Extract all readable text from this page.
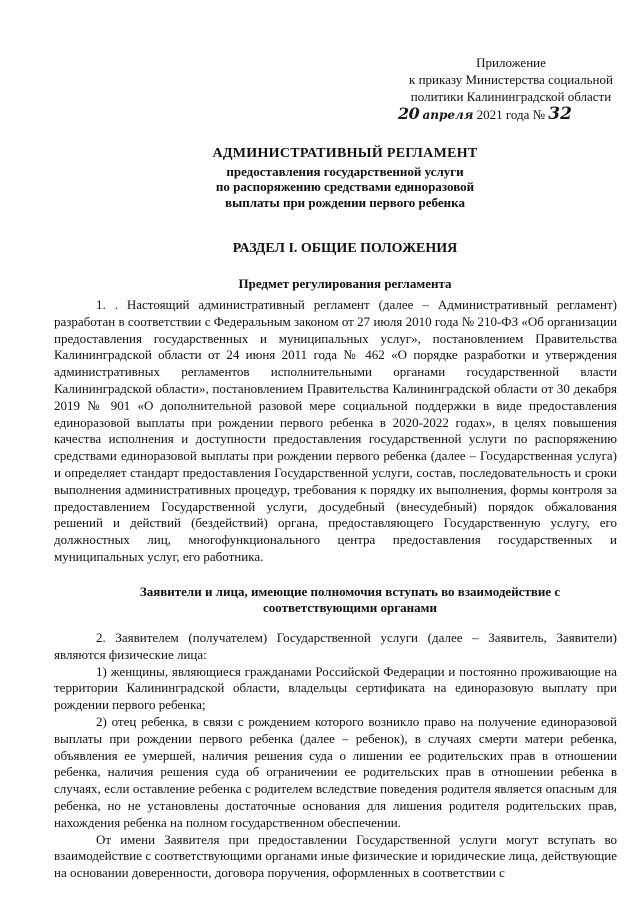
Приложение
к приказу Министерства социальной
политики Калининградской области
20 апреля 2021 года № 32
АДМИНИСТРАТИВНЫЙ РЕГЛАМЕНТ
предоставления государственной услуги
по распоряжению средствами единоразовой
выплаты при рождении первого ребенка
РАЗДЕЛ I. ОБЩИЕ ПОЛОЖЕНИЯ
Предмет регулирования регламента

1. . Настоящий административный регламент (далее – Административный регламент) разработан в соответствии с Федеральным законом от 27 июля 2010 года № 210-ФЗ «Об организации предоставления государственных и муниципальных услуг», постановлением Правительства Калининградской области от 24 июня 2011 года № 462 «О порядке разработки и утверждения административных регламентов исполнительными органами государственной власти Калининградской области», постановлением Правительства Калининградской области от 30 декабря 2019 № 901 «О дополнительной разовой мере социальной поддержки в виде предоставления единоразовой выплаты при рождении первого ребенка в 2020-2022 годах», в целях повышения качества исполнения и доступности предоставления государственной услуги по распоряжению средствами единоразовой выплаты при рождении первого ребенка (далее – Государственная услуга) и определяет стандарт предоставления Государственной услуги, состав, последовательность и сроки выполнения административных процедур, требования к порядку их выполнения, формы контроля за предоставлением Государственной услуги, досудебный (внесудебный) порядок обжалования решений и действий (бездействий) органа, предоставляющего Государственную услугу, его должностных лиц, многофункционального центра предоставления государственных и муниципальных услуг, его работника.

Заявители и лица, имеющие полномочия вступать во взаимодействие с соответствующими органами

2. Заявителем (получателем) Государственной услуги (далее – Заявитель, Заявители) являются физические лица:

1) женщины, являющиеся гражданами Российской Федерации и постоянно проживающие на территории Калининградской области, владельцы сертификата на единоразовую выплату при рождении первого ребенка;

2) отец ребенка, в связи с рождением которого возникло право на получение единоразовой выплаты при рождении первого ребенка (далее – ребенок), в случаях смерти матери ребенка, объявления ее умершей, наличия решения суда о лишении ее родительских прав в отношении ребенка, наличия решения суда об ограничении ее родительских прав в отношении ребенка в случаях, если оставление ребенка с родителем вследствие поведения родителя является опасным для ребенка, но не установлены достаточные основания для лишения родителя родительских прав, нахождения ребенка на полном государственном обеспечении.

От имени Заявителя при предоставлении Государственной услуги могут вступать во взаимодействие с соответствующими органами иные физические и юридические лица, действующие на основании доверенности, договора поручения, оформленных в соответствии с
